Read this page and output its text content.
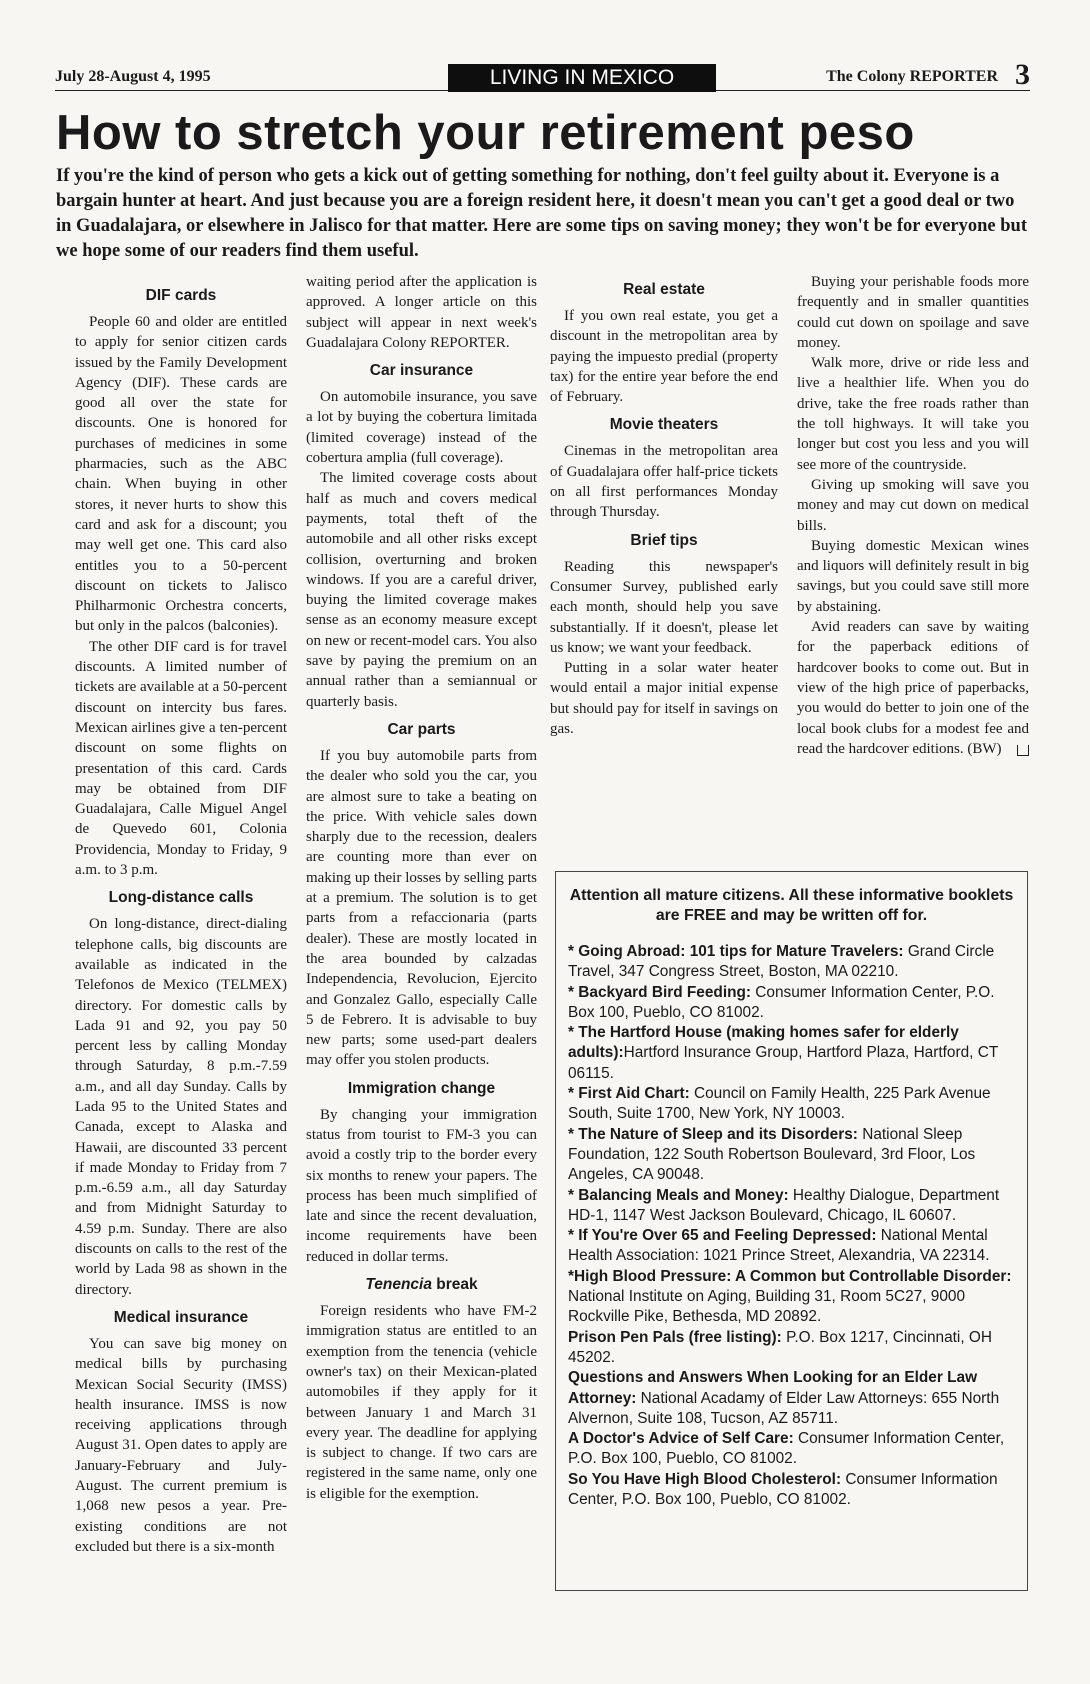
July 28-August 4, 1995	LIVING IN MEXICO	The Colony REPORTER 3
How to stretch your retirement peso

If you're the kind of person who gets a kick out of getting something for nothing, don't feel guilty about it. Everyone is a bargain hunter at heart. And just because you are a foreign resident here, it doesn't mean you can't get a good deal or two in Guadalajara, or elsewhere in Jalisco for that matter. Here are some tips on saving money; they won't be for everyone but we hope some of our readers find them useful.

DIF cards

People 60 and older are entitled to apply for senior citizen cards issued by the Family Development Agency (DIF). These cards are good all over the state for discounts. One is honored for purchases of medicines in some pharmacies, such as the ABC chain. When buying in other stores, it never hurts to show this card and ask for a discount; you may well get one. This card also entitles you to a 50-percent discount on tickets to Jalisco Philharmonic Orchestra concerts, but only in the palcos (balconies).

The other DIF card is for travel discounts. A limited number of tickets are available at a 50-percent discount on intercity bus fares. Mexican airlines give a ten-percent discount on some flights on presentation of this card. Cards may be obtained from DIF Guadalajara, Calle Miguel Angel de Quevedo 601, Colonia Providencia, Monday to Friday, 9 a.m. to 3 p.m.

Long-distance calls

On long-distance, direct-dialing telephone calls, big discounts are available as indicated in the Telefonos de Mexico (TELMEX) directory. For domestic calls by Lada 91 and 92, you pay 50 percent less by calling Monday through Saturday, 8 p.m.-7.59 a.m., and all day Sunday. Calls by Lada 95 to the United States and Canada, except to Alaska and Hawaii, are discounted 33 percent if made Monday to Friday from 7 p.m.-6.59 a.m., all day Saturday and from Midnight Saturday to 4.59 p.m. Sunday. There are also discounts on calls to the rest of the world by Lada 98 as shown in the directory.

Medical insurance

You can save big money on medical bills by purchasing Mexican Social Security (IMSS) health insurance. IMSS is now receiving applications through August 31. Open dates to apply are January-February and July-August. The current premium is 1,068 new pesos a year. Pre-existing conditions are not excluded but there is a six-month

waiting period after the application is approved. A longer article on this subject will appear in next week's Guadalajara Colony REPORTER.

Car insurance

On automobile insurance, you save a lot by buying the cobertura limitada (limited coverage) instead of the cobertura amplia (full coverage).

The limited coverage costs about half as much and covers medical payments, total theft of the automobile and all other risks except collision, overturning and broken windows. If you are a careful driver, buying the limited coverage makes sense as an economy measure except on new or recent-model cars. You also save by paying the premium on an annual rather than a semiannual or quarterly basis.

Car parts

If you buy automobile parts from the dealer who sold you the car, you are almost sure to take a beating on the price. With vehicle sales down sharply due to the recession, dealers are counting more than ever on making up their losses by selling parts at a premium. The solution is to get parts from a refaccionaria (parts dealer). These are mostly located in the area bounded by calzadas Independencia, Revolucion, Ejercito and Gonzalez Gallo, especially Calle 5 de Febrero. It is advisable to buy new parts; some used-part dealers may offer you stolen products.

Immigration change

By changing your immigration status from tourist to FM-3 you can avoid a costly trip to the border every six months to renew your papers. The process has been much simplified of late and since the recent devaluation, income requirements have been reduced in dollar terms.

Tenencia break

Foreign residents who have FM-2 immigration status are entitled to an exemption from the tenencia (vehicle owner's tax) on their Mexican-plated automobiles if they apply for it between January 1 and March 31 every year. The deadline for applying is subject to change. If two cars are registered in the same name, only one is eligible for the exemption.

Real estate

If you own real estate, you get a discount in the metropolitan area by paying the impuesto predial (property tax) for the entire year before the end of February.

Movie theaters

Cinemas in the metropolitan area of Guadalajara offer half-price tickets on all first performances Monday through Thursday.

Brief tips

Reading this newspaper's Consumer Survey, published early each month, should help you save substantially. If it doesn't, please let us know; we want your feedback.

Putting in a solar water heater would entail a major initial expense but should pay for itself in savings on gas.

Buying your perishable foods more frequently and in smaller quantities could cut down on spoilage and save money.

Walk more, drive or ride less and live a healthier life. When you do drive, take the free roads rather than the toll highways. It will take you longer but cost you less and you will see more of the countryside.

Giving up smoking will save you money and may cut down on medical bills.

Buying domestic Mexican wines and liquors will definitely result in big savings, but you could save still more by abstaining.

Avid readers can save by waiting for the paperback editions of hardcover books to come out. But in view of the high price of paperbacks, you would do better to join one of the local book clubs for a modest fee and read the hardcover editions. (BW)

Attention all mature citizens. All these informative booklets are FREE and may be written off for.

* Going Abroad: 101 tips for Mature Travelers: Grand Circle Travel, 347 Congress Street, Boston, MA 02210.

* Backyard Bird Feeding: Consumer Information Center, P.O. Box 100, Pueblo, CO 81002.

* The Hartford House (making homes safer for elderly adults):Hartford Insurance Group, Hartford Plaza, Hartford, CT 06115.

* First Aid Chart: Council on Family Health, 225 Park Avenue South, Suite 1700, New York, NY 10003.

* The Nature of Sleep and its Disorders: National Sleep Foundation, 122 South Robertson Boulevard, 3rd Floor, Los Angeles, CA 90048.

* Balancing Meals and Money: Healthy Dialogue, Department HD-1, 1147 West Jackson Boulevard, Chicago, IL 60607.

* If You're Over 65 and Feeling Depressed: National Mental Health Association: 1021 Prince Street, Alexandria, VA 22314.

*High Blood Pressure: A Common but Controllable Disorder: National Institute on Aging, Building 31, Room 5C27, 9000 Rockville Pike, Bethesda, MD 20892.

Prison Pen Pals (free listing): P.O. Box 1217, Cincinnati, OH 45202.

Questions and Answers When Looking for an Elder Law Attorney: National Acadamy of Elder Law Attorneys: 655 North Alvernon, Suite 108, Tucson, AZ 85711.

A Doctor's Advice of Self Care: Consumer Information Center, P.O. Box 100, Pueblo, CO 81002.

So You Have High Blood Cholesterol: Consumer Information Center, P.O. Box 100, Pueblo, CO 81002.
